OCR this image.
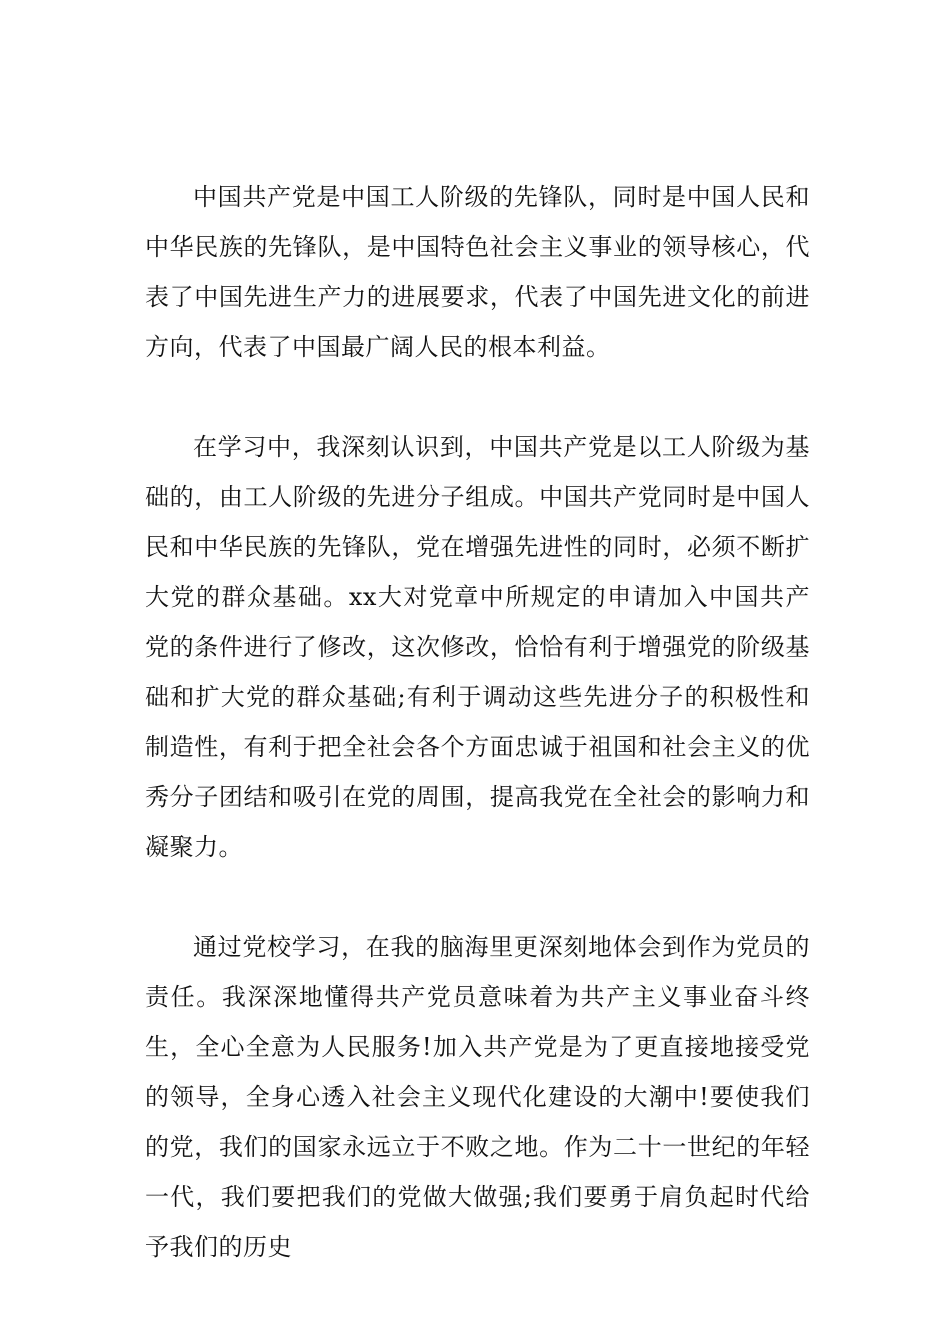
中国共产党是中国工人阶级的先锋队，同时是中国人民和中华民族的先锋队，是中国特色社会主义事业的领导核心，代表了中国先进生产力的进展要求，代表了中国先进文化的前进方向，代表了中国最广阔人民的根本利益。

在学习中，我深刻认识到，中国共产党是以工人阶级为基础的，由工人阶级的先进分子组成。中国共产党同时是中国人民和中华民族的先锋队，党在增强先进性的同时，必须不断扩大党的群众基础。xx大对党章中所规定的申请加入中国共产党的条件进行了修改，这次修改，恰恰有利于增强党的阶级基础和扩大党的群众基础;有利于调动这些先进分子的积极性和制造性，有利于把全社会各个方面忠诚于祖国和社会主义的优秀分子团结和吸引在党的周围，提高我党在全社会的影响力和凝聚力。

通过党校学习，在我的脑海里更深刻地体会到作为党员的责任。我深深地懂得共产党员意味着为共产主义事业奋斗终生，全心全意为人民服务!加入共产党是为了更直接地接受党的领导，全身心透入社会主义现代化建设的大潮中!要使我们的党，我们的国家永远立于不败之地。作为二十一世纪的年轻一代，我们要把我们的党做大做强;我们要勇于肩负起时代给予我们的历史
